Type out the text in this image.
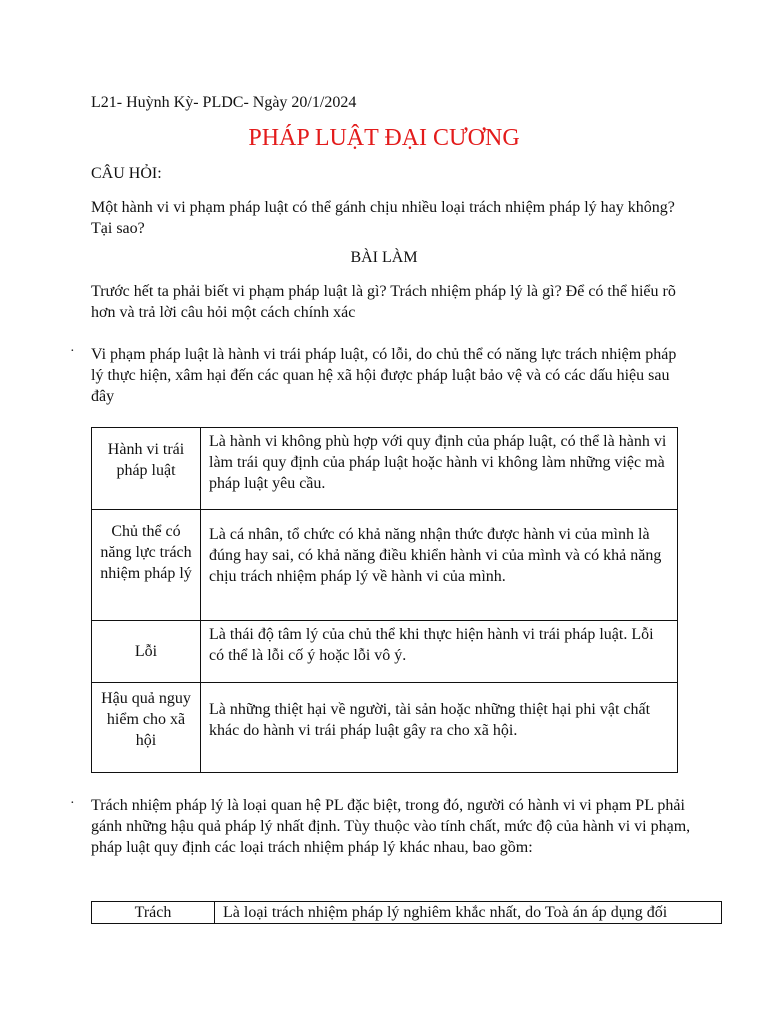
L21- Huỳnh Kỳ- PLDC- Ngày 20/1/2024
PHÁP LUẬT ĐẠI CƯƠNG
CÂU HỎI:
Một hành vi vi phạm pháp luật có thể gánh chịu nhiều loại trách nhiệm pháp lý hay không? Tại sao?
BÀI LÀM
Trước hết ta phải biết vi phạm pháp luật là gì? Trách nhiệm pháp lý là gì? Để có thể hiểu rõ hơn và trả lời câu hỏi một cách chính xác
· Vi phạm pháp luật là hành vi trái pháp luật, có lỗi, do chủ thể có năng lực trách nhiệm pháp lý thực hiện, xâm hại đến các quan hệ xã hội được pháp luật bảo vệ và có các dấu hiệu sau đây
Hành vi trái pháp luật	Là hành vi không phù hợp với quy định của pháp luật, có thể là hành vi làm trái quy định của pháp luật hoặc hành vi không làm những việc mà pháp luật yêu cầu.
Chủ thể có năng lực trách nhiệm pháp lý	Là cá nhân, tổ chức có khả năng nhận thức được hành vi của mình là đúng hay sai, có khả năng điều khiển hành vi của mình và có khả năng chịu trách nhiệm pháp lý về hành vi của mình.
Lỗi	Là thái độ tâm lý của chủ thể khi thực hiện hành vi trái pháp luật. Lỗi có thể là lỗi cố ý hoặc lỗi vô ý.
Hậu quả nguy hiểm cho xã hội	Là những thiệt hại về người, tài sản hoặc những thiệt hại phi vật chất khác do hành vi trái pháp luật gây ra cho xã hội.
· Trách nhiệm pháp lý là loại quan hệ PL đặc biệt, trong đó, người có hành vi vi phạm PL phải gánh những hậu quả pháp lý nhất định. Tùy thuộc vào tính chất, mức độ của hành vi vi phạm, pháp luật quy định các loại trách nhiệm pháp lý khác nhau, bao gồm:
Trách	Là loại trách nhiệm pháp lý nghiêm khắc nhất, do Toà án áp dụng đối
